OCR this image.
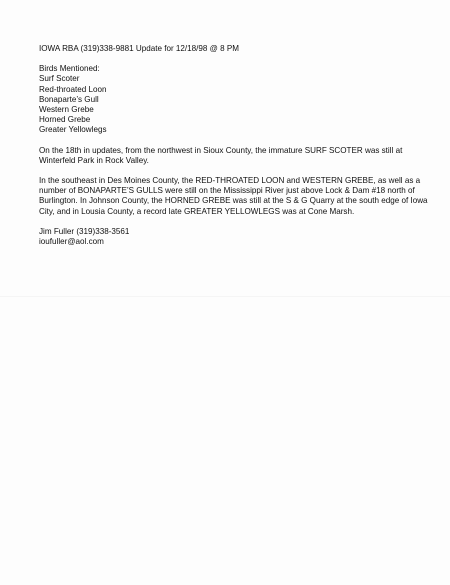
IOWA RBA (319)338-9881 Update for 12/18/98 @ 8 PM
Birds Mentioned:
Surf Scoter
Red-throated Loon
Bonaparte’s Gull
Western Grebe
Horned Grebe
Greater Yellowlegs

On the 18th in updates, from the northwest in Sioux County, the immature SURF SCOTER was still at Winterfeld Park in Rock Valley.

In the southeast in Des Moines County, the RED-THROATED LOON and WESTERN GREBE, as well as a number of BONAPARTE’S GULLS were still on the Mississippi River just above Lock & Dam #18 north of Burlington. In Johnson County, the HORNED GREBE was still at the S & G Quarry at the south edge of Iowa City, and in Lousia County, a record late GREATER YELLOWLEGS was at Cone Marsh.

Jim Fuller (319)338-3561
ioufuller@aol.com
